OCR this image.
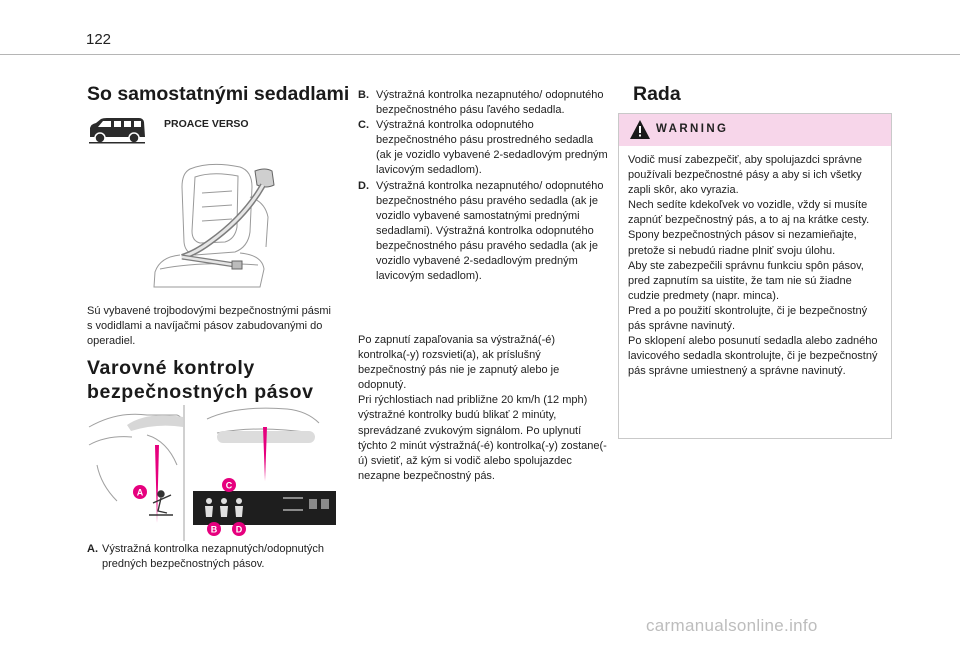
122
So samostatnými sedadlami
PROACE VERSO

Sú vybavené trojbodovými bezpečnostnými pásmi s vodidlami a navíjačmi pásov zabudovanými do operadiel.

Varovné kontroly
bezpečnostných pásov
A
C
B D
A. Výstražná kontrolka nezapnutých/odopnutých predných bezpečnostných pásov.
B. Výstražná kontrolka nezapnutého/ odopnutého bezpečnostného pásu ľavého sedadla.
C. Výstražná kontrolka odopnutého bezpečnostného pásu prostredného sedadla (ak je vozidlo vybavené 2-sedadlovým predným lavicovým sedadlom).
D. Výstražná kontrolka nezapnutého/ odopnutého bezpečnostného pásu pravého sedadla (ak je vozidlo vybavené samostatnými prednými sedadlami). Výstražná kontrolka odopnutého bezpečnostného pásu pravého sedadla (ak je vozidlo vybavené 2-sedadlovým predným lavicovým sedadlom).

Po zapnutí zapaľovania sa výstražná(-é) kontrolka(-y) rozsvieti(a), ak príslušný bezpečnostný pás nie je zapnutý alebo je odopnutý.

Pri rýchlostiach nad približne 20 km/h (12 mph) výstražné kontrolky budú blikať 2 minúty, sprevádzané zvukovým signálom. Po uplynutí týchto 2 minút výstražná(-é) kontrolka(-y) zostane(-ú) svietiť, až kým si vodič alebo spolujazdec nezapne bezpečnostný pás.

Rada
WARNING

Vodič musí zabezpečiť, aby spolujazdci správne používali bezpečnostné pásy a aby si ich všetky zapli skôr, ako vyrazia.

Nech sedíte kdekoľvek vo vozidle, vždy si musíte zapnúť bezpečnostný pás, a to aj na krátke cesty.

Spony bezpečnostných pásov si nezamieňajte, pretože si nebudú riadne plniť svoju úlohu.

Aby ste zabezpečili správnu funkciu spôn pásov, pred zapnutím sa uistite, že tam nie sú žiadne cudzie predmety (napr. minca).

Pred a po použití skontrolujte, či je bezpečnostný pás správne navinutý.

Po sklopení alebo posunutí sedadla alebo zadného lavicového sedadla skontrolujte, či je bezpečnostný pás správne umiestnený a správne navinutý.

carmanualsonline.info
